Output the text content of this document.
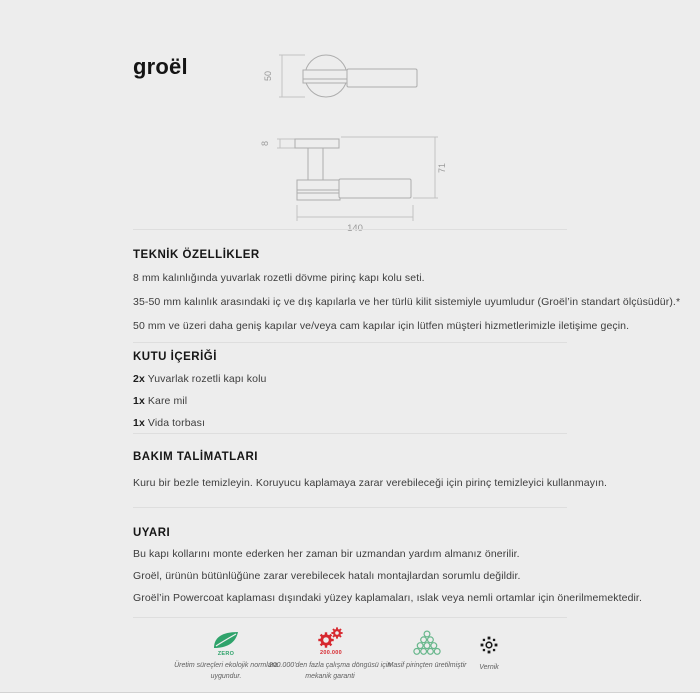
groël	50
8
71
TEKNİK ÖZELLİKLER
8 mm kalınlığında yuvarlak rozetli dövme pirinç kapı kolu seti.
35-50 mm kalınlık arasındaki iç ve dış kapılarla ve her türlü kilit sistemiyle uyumludur (Groël’in standart ölçüsüdür).*
50 mm ve üzeri daha geniş kapılar ve/veya cam kapılar için lütfen müşteri hizmetlerimizle iletişime geçin.
KUTU İÇERİĞİ
2x Yuvarlak rozetli kapı kolu
1x Kare mil
1x Vida torbası
BAKIM TALİMATLARI
Kuru bir bezle temizleyin. Koruyucu kaplamaya zarar verebileceği için pirinç temizleyici kullanmayın.
UYARI
Bu kapı kollarını monte ederken her zaman bir uzmandan yardım almanız önerilir.
Groël, ürünün bütünlüğüne zarar verebilecek hatalı montajlardan sorumlu değildir.
Groël’in Powercoat kaplaması dışındaki yüzey kaplamaları, ıslak veya nemli ortamlar için önerilmemektedir.
ZERO
Üretim süreçleri ekolojik normlara uygundur.
200.000
200.000'den fazla çalışma döngüsü için mekanik garanti
Masif pirinçten üretilmiştir	Vernik
